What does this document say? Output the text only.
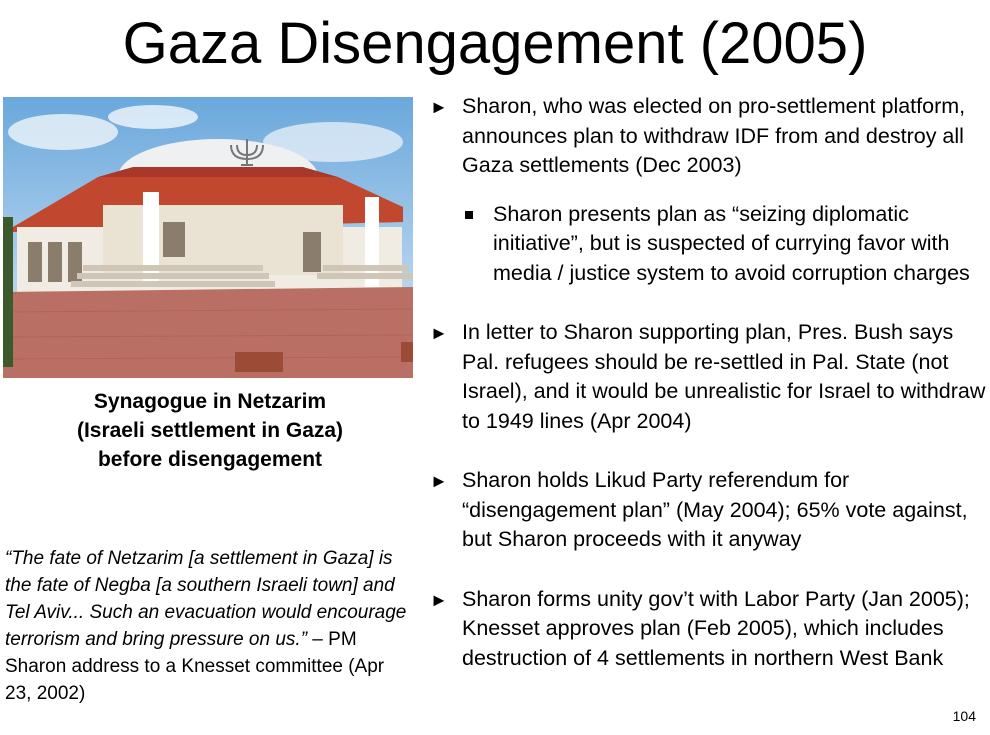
Gaza Disengagement (2005)
Synagogue in Netzarim
(Israeli settlement in Gaza)
before disengagement
“The fate of Netzarim [a settlement in Gaza] is the fate of Negba [a southern Israeli town] and Tel Aviv... Such an evacuation would encourage terrorism and bring pressure on us.” – PM Sharon address to a Knesset committee (Apr 23, 2002)
► Sharon, who was elected on pro-settlement platform, announces plan to withdraw IDF from and destroy all Gaza settlements (Dec 2003)
Sharon presents plan as “seizing diplomatic initiative”, but is suspected of currying favor with media / justice system to avoid corruption charges
► In letter to Sharon supporting plan, Pres. Bush says Pal. refugees should be re-settled in Pal. State (not Israel), and it would be unrealistic for Israel to withdraw to 1949 lines (Apr 2004)
► Sharon holds Likud Party referendum for “disengagement plan” (May 2004); 65% vote against, but Sharon proceeds with it anyway
► Sharon forms unity gov’t with Labor Party (Jan 2005); Knesset approves plan (Feb 2005), which includes destruction of 4 settlements in northern West Bank
104
